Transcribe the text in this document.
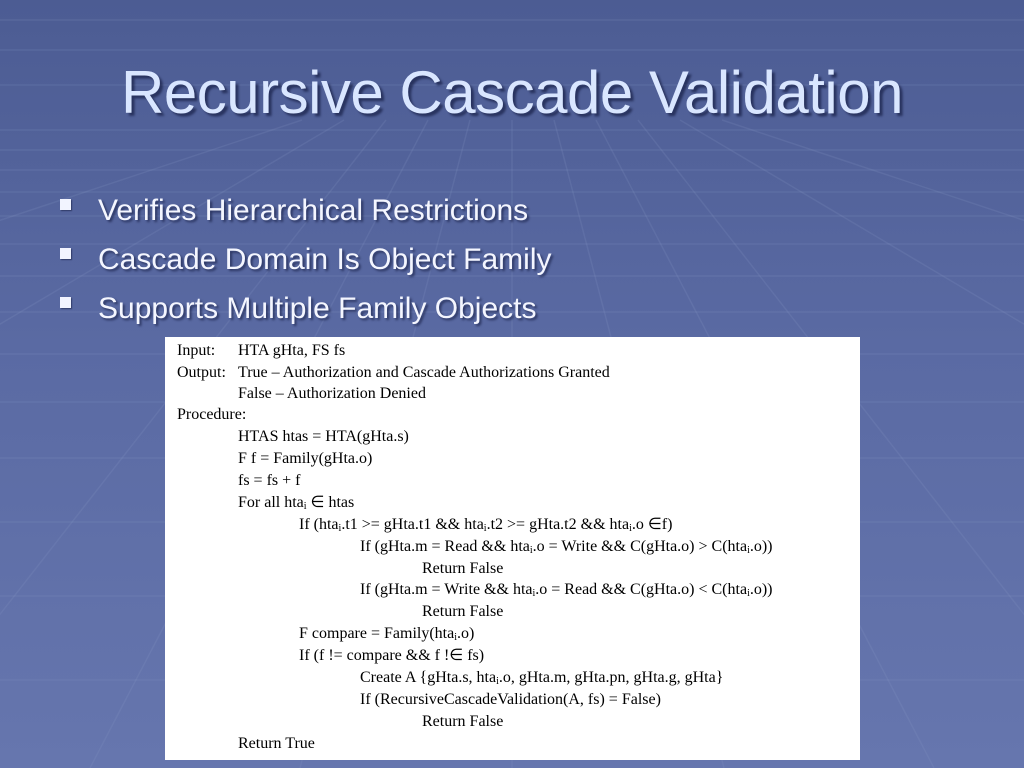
Recursive Cascade Validation
Verifies Hierarchical Restrictions
Cascade Domain Is Object Family
Supports Multiple Family Objects
Input: HTA gHta, FS fs
Output: True – Authorization and Cascade Authorizations Granted
False – Authorization Denied
Procedure:
HTAS htas = HTA(gHta.s)
F f = Family(gHta.o)
fs = fs + f
For all hta$_i$ ∈ htas
If (hta$_i$.t1 >= gHta.t1 && hta$_i$.t2 >= gHta.t2 && hta$_i$.o ∈f)
If (gHta.m = Read && hta$_i$.o = Write && C(gHta.o) > C(hta$_i$.o))
Return False
If (gHta.m = Write && hta$_i$.o = Read && C(gHta.o) < C(hta$_i$.o))
Return False
F compare = Family(hta$_i$.o)
If (f != compare && f !∈ fs)
Create A {gHta.s, hta$_i$.o, gHta.m, gHta.pn, gHta.g, gHta}
If (RecursiveCascadeValidation(A, fs) = False)
Return False
Return True
